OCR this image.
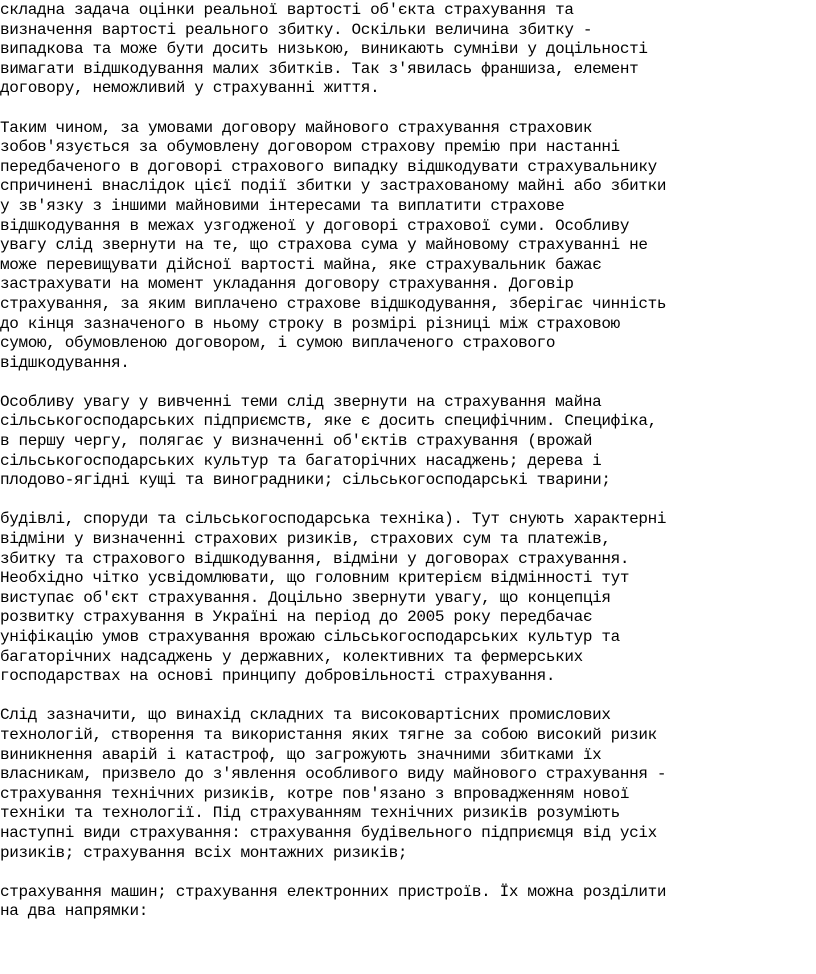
складна задача оцінки реальної вартості об'єкта страхування та
визначення вартості реального збитку. Оскільки величина збитку -
випадкова та може бути досить низькою, виникають сумніви у доцільності
вимагати відшкодування малих збитків. Так з'явилась франшиза, елемент
договору, неможливий у страхуванні життя.
Таким чином, за умовами договору майнового страхування страховик
зобов'язується за обумовлену договором страхову премію при настанні
передбаченого в договорі страхового випадку відшкодувати страхувальнику
спричинені внаслідок цієї події збитки у застрахованому майні або збитки
у зв'язку з іншими майновими інтересами та виплатити страхове
відшкодування в межах узгодженої у договорі страхової суми. Особливу
увагу слід звернути на те, що страхова сума у майновому страхуванні не
може перевищувати дійсної вартості майна, яке страхувальник бажає
застрахувати на момент укладання договору страхування. Договір
страхування, за яким виплачено страхове відшкодування, зберігає чинність
до кінця зазначеного в ньому строку в розмірі різниці між страховою
сумою, обумовленою договором, і сумою виплаченого страхового
відшкодування.
Особливу увагу у вивченні теми слід звернути на страхування майна
сільськогосподарських підприємств, яке є досить специфічним. Специфіка,
в першу чергу, полягає у визначенні об'єктів страхування (врожай
сільськогосподарських культур та багаторічних насаджень; дерева і
плодово-ягідні кущі та виноградники; сільськогосподарські тварини;
будівлі, споруди та сільськогосподарська техніка). Тут снують характерні
відміни у визначенні страхових ризиків, страхових сум та платежів,
збитку та страхового відшкодування, відміни у договорах страхування.
Необхідно чітко усвідомлювати, що головним критерієм відмінності тут
виступає об'єкт страхування. Доцільно звернути увагу, що концепція
розвитку страхування в Україні на період до 2005 року передбачає
уніфікацію умов страхування врожаю сільськогосподарських культур та
багаторічних надсаджень у державних, колективних та фермерських
господарствах на основі принципу добровільності страхування.
Слід зазначити, що винахід складних та високовартісних промислових
технологій, створення та використання яких тягне за собою високий ризик
виникнення аварій і катастроф, що загрожують значними збитками їх
власникам, призвело до з'явлення особливого виду майнового страхування -
страхування технічних ризиків, котре пов'язано з впровадженням нової
техніки та технології. Під страхуванням технічних ризиків розуміють
наступні види страхування: страхування будівельного підприємця від усіх
ризиків; страхування всіх монтажних ризиків;
страхування машин; страхування електронних пристроїв. Їх можна розділити
на два напрямки:
